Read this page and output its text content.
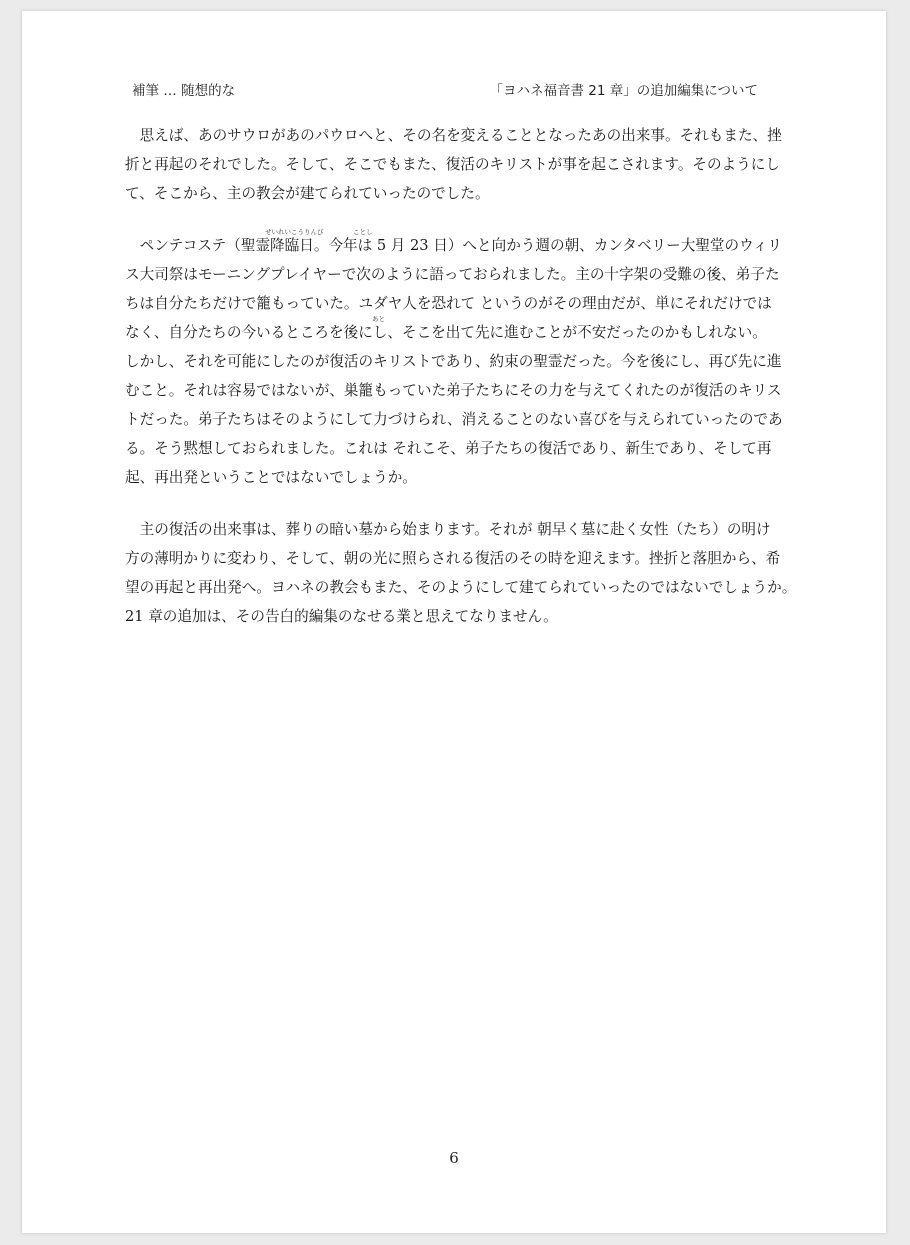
補筆 … 随想的な	「ヨハネ福音書 21 章」の追加編集について

　思えば、あのサウロがあのパウロへと、その名を変えることとなったあの出来事。それもまた、挫
折と再起のそれでした。そして、そこでもまた、復活のキリストが事を起こされます。そのようにし
て、そこから、主の教会が建てられていったのでした。

せいれいこうりんび	ことし
　ペンテコステ（聖霊降臨日。今年は 5 月 23 日）へと向かう週の朝、カンタベリー大聖堂のウィリ
ス大司祭はモーニングプレイヤーで次のように語っておられました。主の十字架の受難の後、弟子た
ちは自分たちだけで籠もっていた。ユダヤ人を恐れて というのがその理由だが、単にそれだけでは
あと
なく、自分たちの今いるところを後にし、そこを出て先に進むことが不安だったのかもしれない。
しかし、それを可能にしたのが復活のキリストであり、約束の聖霊だった。今を後にし、再び先に進
むこと。それは容易ではないが、巣籠もっていた弟子たちにその力を与えてくれたのが復活のキリス
トだった。弟子たちはそのようにして力づけられ、消えることのない喜びを与えられていったのであ
る。そう黙想しておられました。これは それこそ、弟子たちの復活であり、新生であり、そして再
起、再出発ということではないでしょうか。

　主の復活の出来事は、葬りの暗い墓から始まります。それが 朝早く墓に赴く女性（たち）の明け
方の薄明かりに変わり、そして、朝の光に照らされる復活のその時を迎えます。挫折と落胆から、希
望の再起と再出発へ。ヨハネの教会もまた、そのようにして建てられていったのではないでしょうか。
21 章の追加は、その告白的編集のなせる業と思えてなりません。

6
